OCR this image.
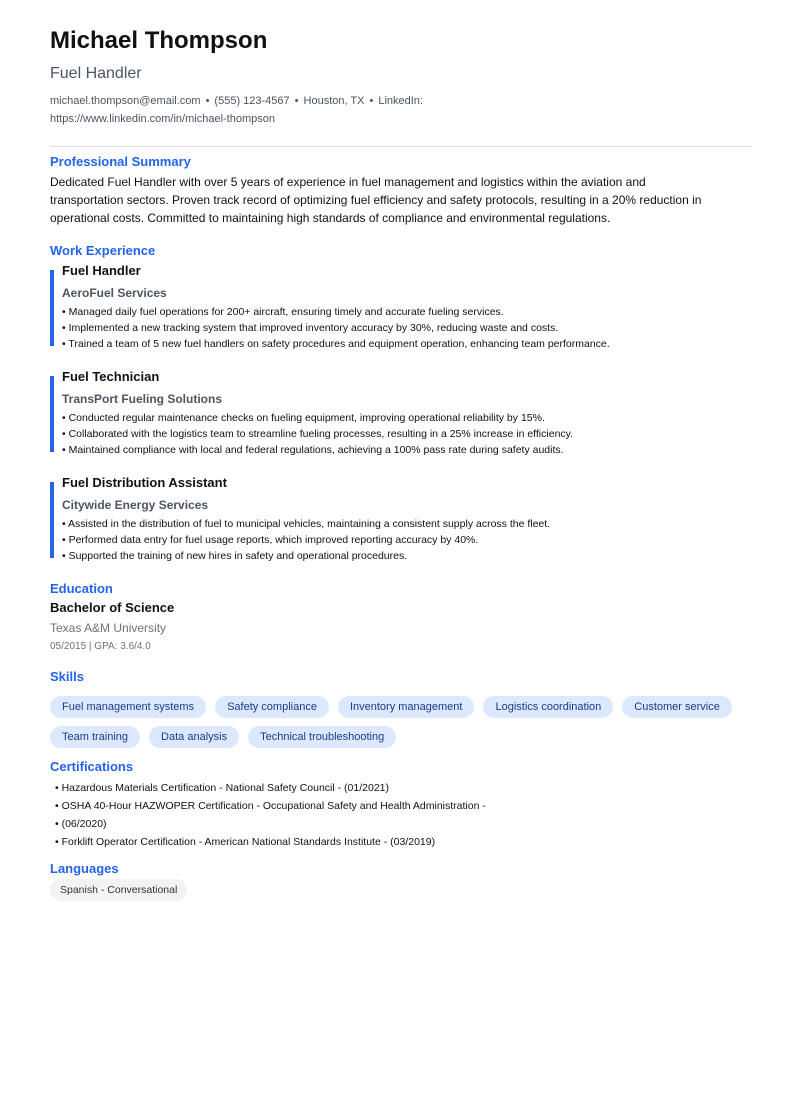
Michael Thompson
Fuel Handler
michael.thompson@email.com • (555) 123-4567 • Houston, TX • LinkedIn:
https://www.linkedin.com/in/michael-thompson
Professional Summary
Dedicated Fuel Handler with over 5 years of experience in fuel management and logistics within the aviation and transportation sectors. Proven track record of optimizing fuel efficiency and safety protocols, resulting in a 20% reduction in operational costs. Committed to maintaining high standards of compliance and environmental regulations.
Work Experience
Fuel Handler
AeroFuel Services
• Managed daily fuel operations for 200+ aircraft, ensuring timely and accurate fueling services.
• Implemented a new tracking system that improved inventory accuracy by 30%, reducing waste and costs.
• Trained a team of 5 new fuel handlers on safety procedures and equipment operation, enhancing team performance.
Fuel Technician
TransPort Fueling Solutions
• Conducted regular maintenance checks on fueling equipment, improving operational reliability by 15%.
• Collaborated with the logistics team to streamline fueling processes, resulting in a 25% increase in efficiency.
• Maintained compliance with local and federal regulations, achieving a 100% pass rate during safety audits.
Fuel Distribution Assistant
Citywide Energy Services
• Assisted in the distribution of fuel to municipal vehicles, maintaining a consistent supply across the fleet.
• Performed data entry for fuel usage reports, which improved reporting accuracy by 40%.
• Supported the training of new hires in safety and operational procedures.
Education
Bachelor of Science
Texas A&M University
05/2015 | GPA: 3.6/4.0
Skills
Fuel management systems	Safety compliance	Inventory management	Logistics coordination	Customer service
Team training	Data analysis	Technical troubleshooting
Certifications
• Hazardous Materials Certification - National Safety Council - (01/2021)
• OSHA 40-Hour HAZWOPER Certification - Occupational Safety and Health Administration -
• (06/2020)
• Forklift Operator Certification - American National Standards Institute - (03/2019)
Languages
Spanish - Conversational
